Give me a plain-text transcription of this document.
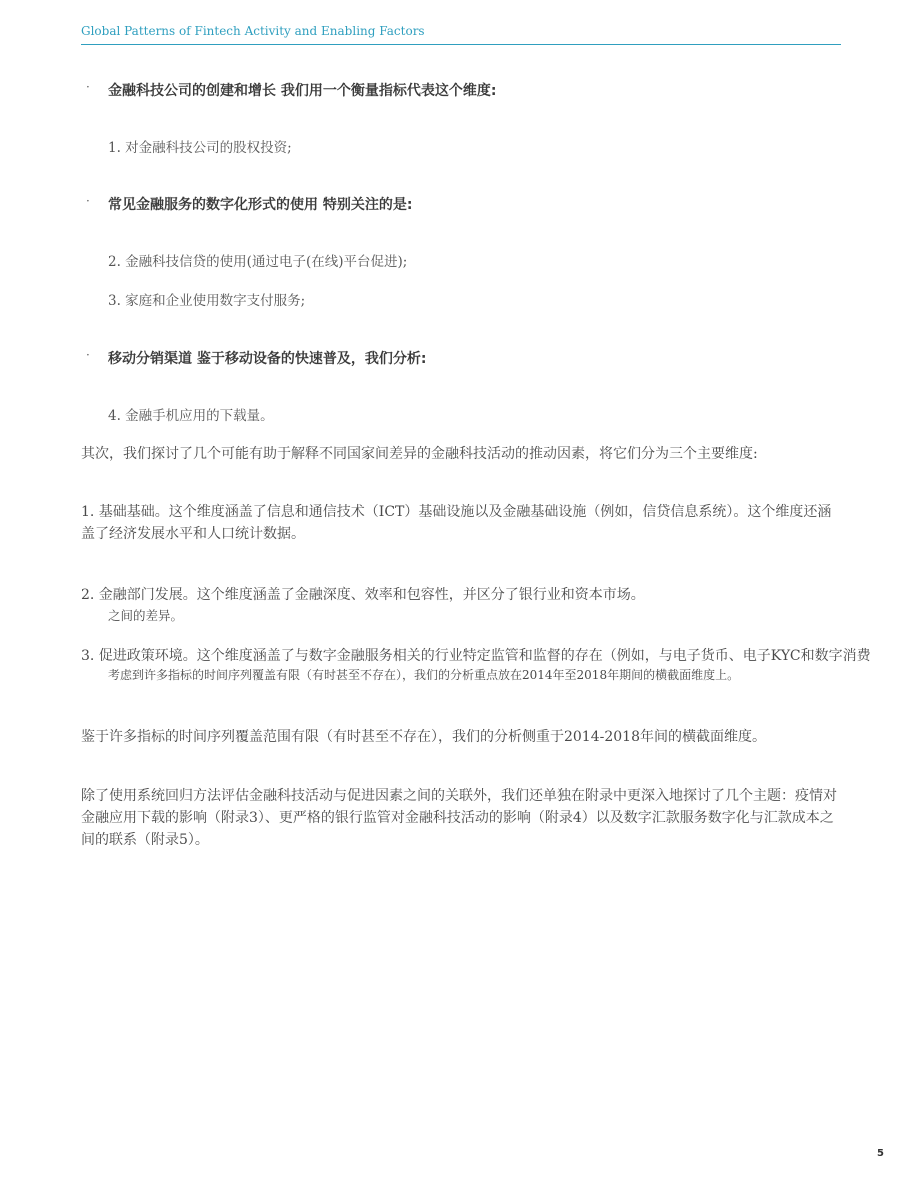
Global Patterns of Fintech Activity and Enabling Factors
· 金融科技公司的创建和增长 我们用一个衡量指标代表这个维度:
1. 对金融科技公司的股权投资;
· 常见金融服务的数字化形式的使用 特别关注的是:
2. 金融科技信贷的使用(通过电子(在线)平台促进);
3. 家庭和企业使用数字支付服务;
· 移动分销渠道 鉴于移动设备的快速普及，我们分析:
4. 金融手机应用的下载量。
其次，我们探讨了几个可能有助于解释不同国家间差异的金融科技活动的推动因素，将它们分为三个主要维度:
1. 基础基础。这个维度涵盖了信息和通信技术（ICT）基础设施以及金融基础设施（例如，信贷信息系统）。这个维度还涵盖了经济发展水平和人口统计数据。
2. 金融部门发展。这个维度涵盖了金融深度、效率和包容性，并区分了银行业和资本市场。
之间的差异。
3. 促进政策环境。这个维度涵盖了与数字金融服务相关的行业特定监管和监督的存在（例如，与电子货币、电子KYC和数字消费
考虑到许多指标的时间序列覆盖有限（有时甚至不存在），我们的分析重点放在2014年至2018年期间的横截面维度上。
鉴于许多指标的时间序列覆盖范围有限（有时甚至不存在），我们的分析侧重于2014-2018年间的横截面维度。
除了使用系统回归方法评估金融科技活动与促进因素之间的关联外，我们还单独在附录中更深入地探讨了几个主题：疫情对金融应用下载的影响（附录3）、更严格的银行监管对金融科技活动的影响（附录4）以及数字汇款服务数字化与汇款成本之间的联系（附录5）。
5
